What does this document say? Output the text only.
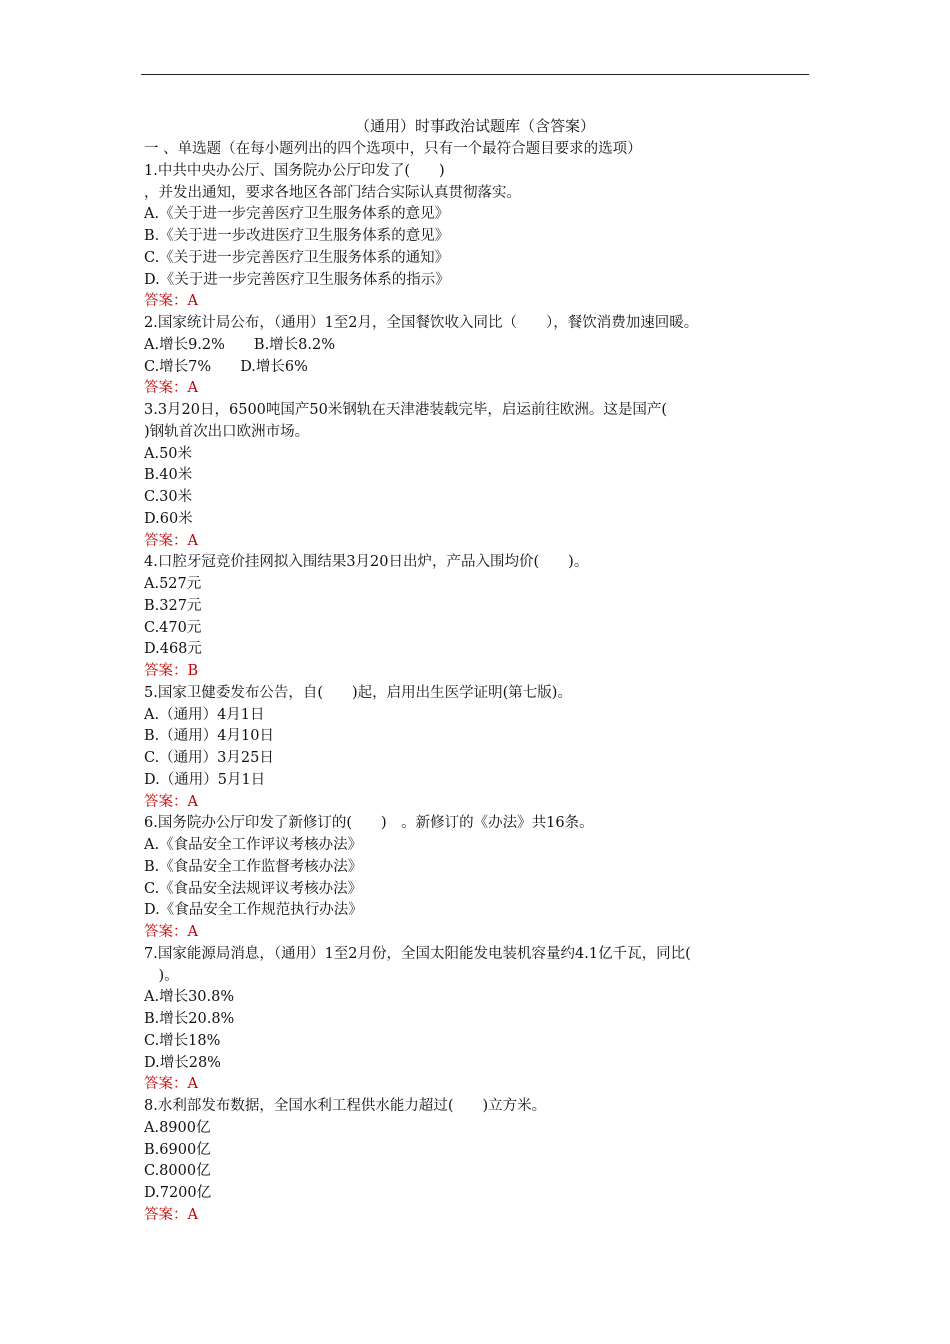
（通用）时事政治试题库（含答案）
一 、单选题（在每小题列出的四个选项中，只有一个最符合题目要求的选项）
1.中共中央办公厅、国务院办公厅印发了(　　)
，并发出通知，要求各地区各部门结合实际认真贯彻落实。
A.《关于进一步完善医疗卫生服务体系的意见》
B.《关于进一步改进医疗卫生服务体系的意见》
C.《关于进一步完善医疗卫生服务体系的通知》
D.《关于进一步完善医疗卫生服务体系的指示》
答案：A
2.国家统计局公布，（通用）1至2月，全国餐饮收入同比（　　），餐饮消费加速回暖。
A.增长9.2%　　B.增长8.2%
C.增长7%　　D.增长6%
答案：A
3.3月20日，6500吨国产50米钢轨在天津港装载完毕，启运前往欧洲。这是国产(
)钢轨首次出口欧洲市场。
A.50米
B.40米
C.30米
D.60米
答案：A
4.口腔牙冠竞价挂网拟入围结果3月20日出炉，产品入围均价(　　)。
A.527元
B.327元
C.470元
D.468元
答案：B
5.国家卫健委发布公告，自(　　)起，启用出生医学证明(第七版)。
A.（通用）4月1日
B.（通用）4月10日
C.（通用）3月25日
D.（通用）5月1日
答案：A
6.国务院办公厅印发了新修订的(　　)　。新修订的《办法》共16条。
A.《食品安全工作评议考核办法》
B.《食品安全工作监督考核办法》
C.《食品安全法规评议考核办法》
D.《食品安全工作规范执行办法》
答案：A
7.国家能源局消息，（通用）1至2月份，全国太阳能发电装机容量约4.1亿千瓦，同比(
　)。
A.增长30.8%
B.增长20.8%
C.增长18%
D.增长28%
答案：A
8.水利部发布数据，全国水利工程供水能力超过(　　)立方米。
A.8900亿
B.6900亿
C.8000亿
D.7200亿
答案：A
